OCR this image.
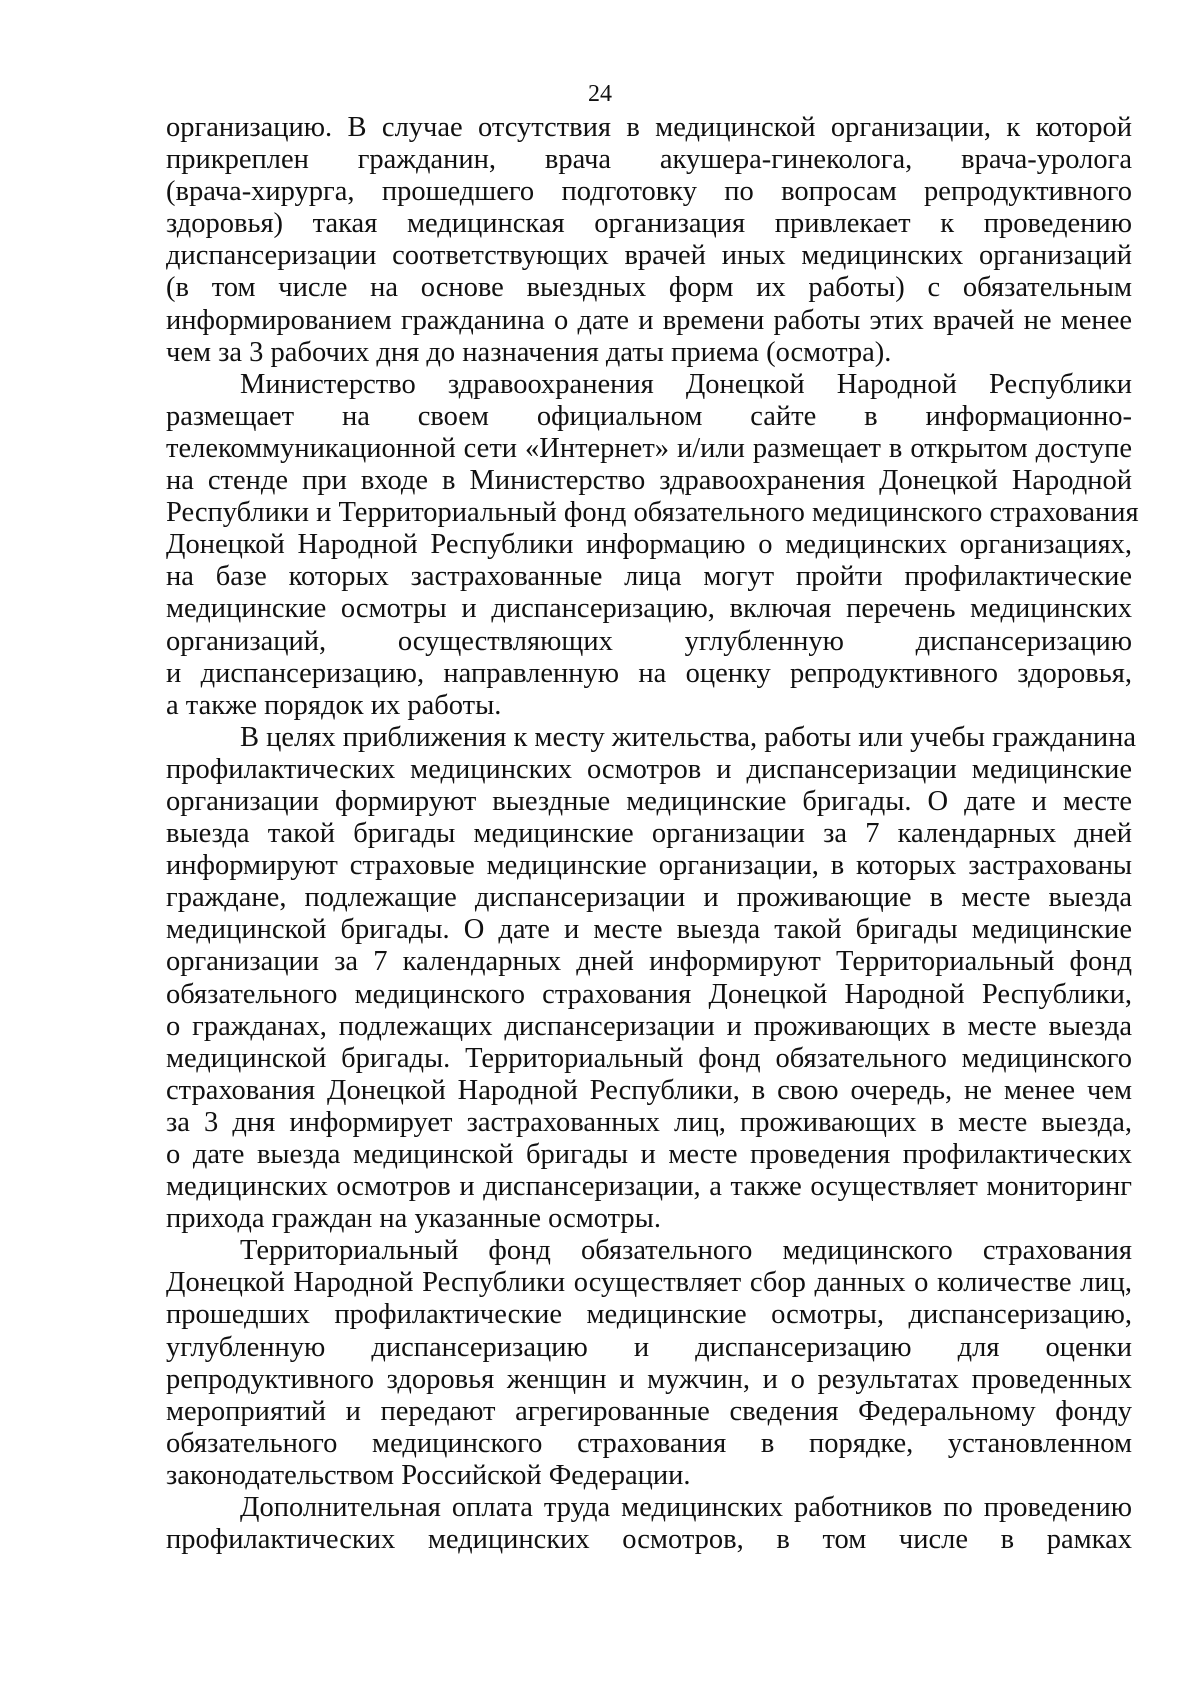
24
организацию. В случае отсутствия в медицинской организации, к которой
прикреплен гражданин, врача акушера-гинеколога, врача-уролога
(врача-хирурга, прошедшего подготовку по вопросам репродуктивного
здоровья) такая медицинская организация привлекает к проведению
диспансеризации соответствующих врачей иных медицинских организаций
(в том числе на основе выездных форм их работы) с обязательным
информированием гражданина о дате и времени работы этих врачей не менее
чем за 3 рабочих дня до назначения даты приема (осмотра).
Министерство здравоохранения Донецкой Народной Республики
размещает на своем официальном сайте в информационно-
телекоммуникационной сети «Интернет» и/или размещает в открытом доступе
на стенде при входе в Министерство здравоохранения Донецкой Народной
Республики и Территориальный фонд обязательного медицинского страхования
Донецкой Народной Республики информацию о медицинских организациях,
на базе которых застрахованные лица могут пройти профилактические
медицинские осмотры и диспансеризацию, включая перечень медицинских
организаций, осуществляющих углубленную диспансеризацию
и диспансеризацию, направленную на оценку репродуктивного здоровья,
а также порядок их работы.
В целях приближения к месту жительства, работы или учебы гражданина
профилактических медицинских осмотров и диспансеризации медицинские
организации формируют выездные медицинские бригады. О дате и месте
выезда такой бригады медицинские организации за 7 календарных дней
информируют страховые медицинские организации, в которых застрахованы
граждане, подлежащие диспансеризации и проживающие в месте выезда
медицинской бригады. О дате и месте выезда такой бригады медицинские
организации за 7 календарных дней информируют Территориальный фонд
обязательного медицинского страхования Донецкой Народной Республики,
о гражданах, подлежащих диспансеризации и проживающих в месте выезда
медицинской бригады. Территориальный фонд обязательного медицинского
страхования Донецкой Народной Республики, в свою очередь, не менее чем
за 3 дня информирует застрахованных лиц, проживающих в месте выезда,
о дате выезда медицинской бригады и месте проведения профилактических
медицинских осмотров и диспансеризации, а также осуществляет мониторинг
прихода граждан на указанные осмотры.
Территориальный фонд обязательного медицинского страхования
Донецкой Народной Республики осуществляет сбор данных о количестве лиц,
прошедших профилактические медицинские осмотры, диспансеризацию,
углубленную диспансеризацию и диспансеризацию для оценки
репродуктивного здоровья женщин и мужчин, и о результатах проведенных
мероприятий и передают агрегированные сведения Федеральному фонду
обязательного медицинского страхования в порядке, установленном
законодательством Российской Федерации.
Дополнительная оплата труда медицинских работников по проведению
профилактических медицинских осмотров, в том числе в рамках
